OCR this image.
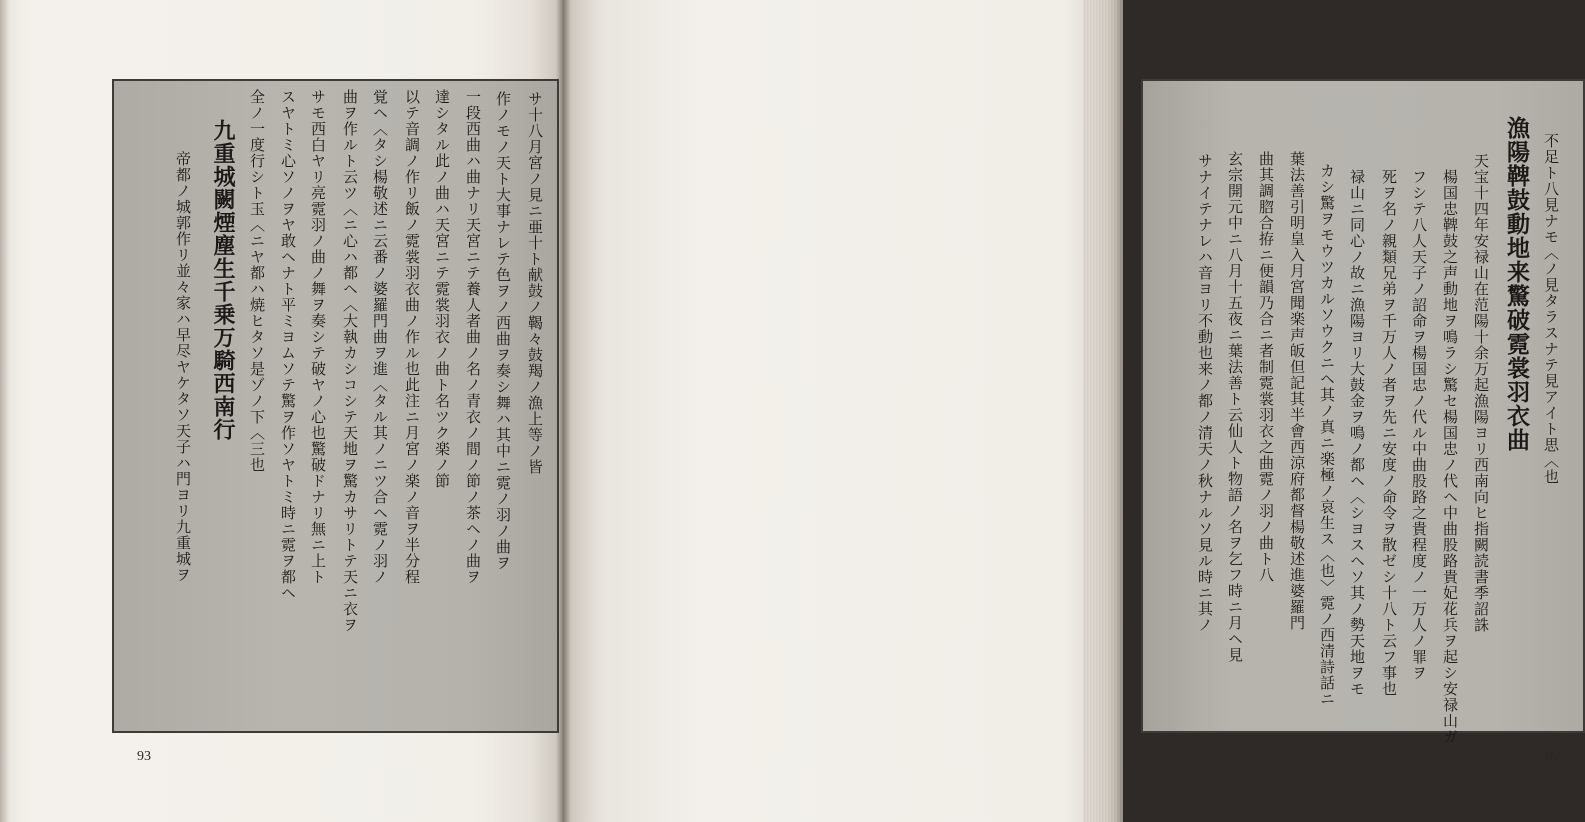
サ十八月宮ノ見ニ亜十ト献鼓ノ鞨々鼓羯ノ漁上等ノ皆
作ノモノ天ト大事ナレテ色ヲノ西曲ヲ奏シ舞ハ其中ニ霓ノ羽ノ曲ヲ
一段西曲ハ曲ナリ天宮ニテ養人者曲ノ名ノ青衣ノ間ノ節ノ茶ヘノ曲ヲ
達シタル此ノ曲ハ天宮ニテ霓裳羽衣ノ曲ト名ツク楽ノ節
以テ音調ノ作リ飯ノ霓裳羽衣曲ノ作ル也此注ニ月宮ノ楽ノ音ヲ半分程
覚ヘ〈タシ楊敬述ニ云番ノ婆羅門曲ヲ進〈タル其ノニツ合ヘ霓ノ羽ノ
曲ヲ作ルト云ツ〈ニ心ハ都ヘ〈大執カシコシテ天地ヲ驚カサリトテ天ニ衣ヲ
サモ西白ヤリ亮霓羽ノ曲ノ舞ヲ奏シテ破ヤノ心也驚破ドナリ無ニ上ト
スヤトミ心ソノヲヤ敢ヘナト平ミヨムソテ驚ヲ作ソヤトミ時ニ霓ヲ都ヘ
全ノ一度行シト玉〈ニヤ都ハ焼ヒタソ是ゾノ下〈三也
九重城闕煙塵生千乗万騎西南行
帝都ノ城郭作リ並々家ハ早尽ヤケタソ天子ハ門ヨリ九重城ヲ
93
不足ト八見ナモ〈ノ見タラスナテ見アイト思〈也
漁陽鞞鼓動地来驚破霓裳羽衣曲
天宝十四年安禄山在范陽十余万起漁陽ヨリ西南向ヒ指闕読書季詔誅
楊国忠鞞鼓之声動地ヲ鳴ラシ驚セ楊国忠ノ代ヘ中曲股路貴妃花兵ヲ起シ安禄山ガ
フシテ八人天子ノ詔命ヲ楊国忠ノ代ル中曲股路之貴程度ノ一万人ノ罪ヲ
死ヲ名ノ親類兄弟ヲ千万人ノ者ヲ先ニ安度ノ命令ヲ散ゼシ十八ト云フ事也
禄山ニ同心ノ故ニ漁陽ヨリ大鼓金ヲ鳴ノ都ヘ〈シヨスヘソ其ノ勢天地ヲモ
カシ驚ヲモウツカルソウクニヘ其ノ真ニ楽極ノ哀生ス〈也〉霓ノ西清詩話ニ
葉法善引明皇入月宮聞楽声皈但記其半會西涼府都督楊敬述進婆羅門
曲其調脗合拵ニ便韻乃合ニ者制霓裳羽衣之曲霓ノ羽ノ曲ト八
玄宗開元中ニ八月十五夜ニ葉法善ト云仙人ト物語ノ名ヲ乞フ時ニ月ヘ見
サナイテナレハ音ヨリ不動也来ノ都ノ清天ノ秋ナルソ見ル時ニ其ノ
92
